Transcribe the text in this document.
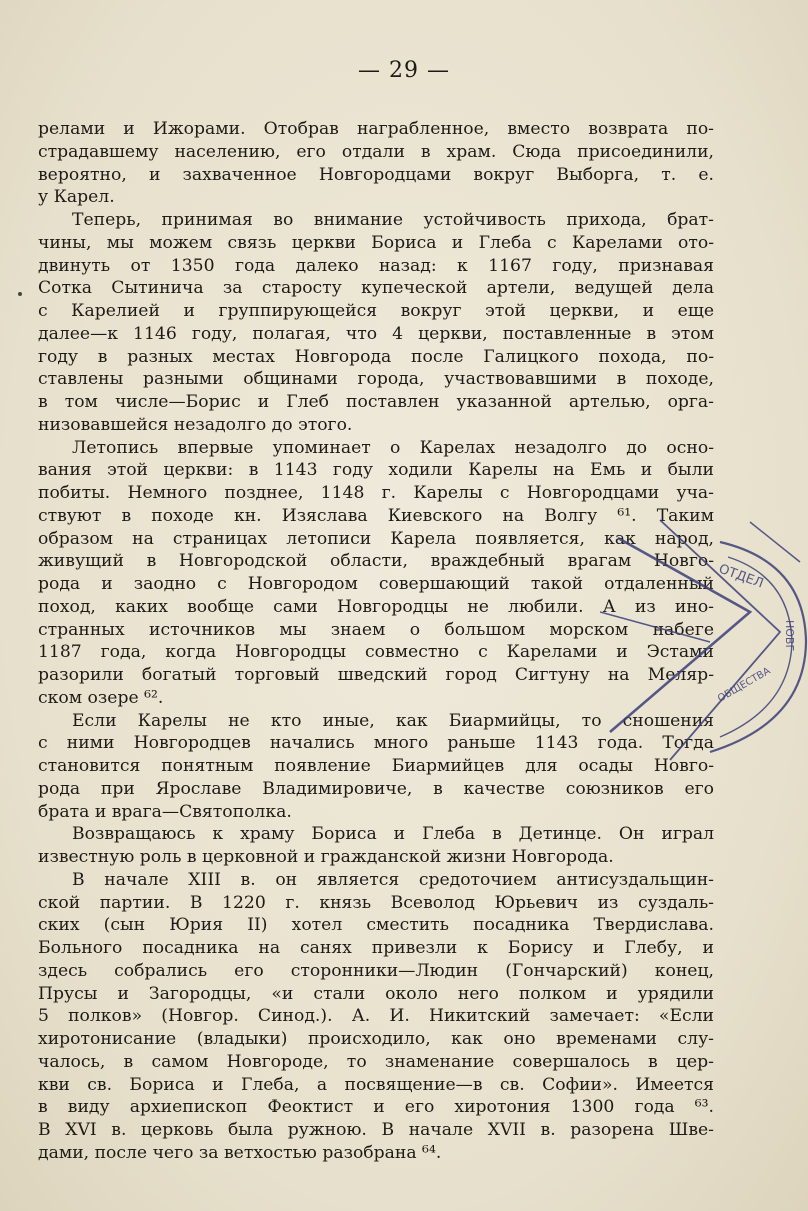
— 29 —
релами и Ижорами. Отобрав награбленное, вместо возврата по-
страдавшему населению, его отдали в храм. Сюда присоединили,
вероятно, и захваченное Новгородцами вокруг Выборга, т. е.
у Карел.
Теперь, принимая во внимание устойчивость прихода, брат-
чины, мы можем связь церкви Бориса и Глеба с Карелами ото-
двинуть от 1350 года далеко назад: к 1167 году, признавая
Сотка Сытинича за старосту купеческой артели, ведущей дела
с Карелией и группирующейся вокруг этой церкви, и еще
далее—к 1146 году, полагая, что 4 церкви, поставленные в этом
году в разных местах Новгорода после Галицкого похода, по-
ставлены разными общинами города, участвовавшими в походе,
в том числе—Борис и Глеб поставлен указанной артелью, орга-
низовавшейся незадолго до этого.
Летопись впервые упоминает о Карелах незадолго до осно-
вания этой церкви: в 1143 году ходили Карелы на Емь и были
побиты. Немного позднее, 1148 г. Карелы с Новгородцами уча-
ствуют в походе кн. Изяслава Киевского на Волгу ⁶¹. Таким
образом на страницах летописи Карела появляется, как народ,
живущий в Новгородской области, враждебный врагам Новго-
рода и заодно с Новгородом совершающий такой отдаленный
поход, каких вообще сами Новгородцы не любили. А из ино-
странных источников мы знаем о большом морском набеге
1187 года, когда Новгородцы совместно с Карелами и Эстами
разорили богатый торговый шведский город Сигтуну на Меляр-
ском озере ⁶².
Если Карелы не кто иные, как Биармийцы, то сношения
с ними Новгородцев начались много раньше 1143 года. Тогда
становится понятным появление Биармийцев для осады Новго-
рода при Ярославе Владимировиче, в качестве союзников его
брата и врага—Святополка.
Возвращаюсь к храму Бориса и Глеба в Детинце. Он играл
известную роль в церковной и гражданской жизни Новгорода.
В начале XIII в. он является средоточием антисуздальщин-
ской партии. В 1220 г. князь Всеволод Юрьевич из суздаль-
ских (сын Юрия II) хотел сместить посадника Твердислава.
Больного посадника на санях привезли к Борису и Глебу, и
здесь собрались его сторонники—Людин (Гончарский) конец,
Прусы и Загородцы, «и стали около него полком и урядили
5 полков» (Новгор. Синод.). А. И. Никитский замечает: «Если
хиротонисание (владыки) происходило, как оно временами слу-
чалось, в самом Новгороде, то знаменание совершалось в цер-
кви св. Бориса и Глеба, а посвящение—в св. Софии». Имеется
в виду архиепископ Феоктист и его хиротония 1300 года ⁶³.
В XVI в. церковь была ружною. В начале XVII в. разорена Шве-
дами, после чего за ветхостью разобрана ⁶⁴.
ОТДЕЛ
НОВГ
ОБЩЕСТВА
